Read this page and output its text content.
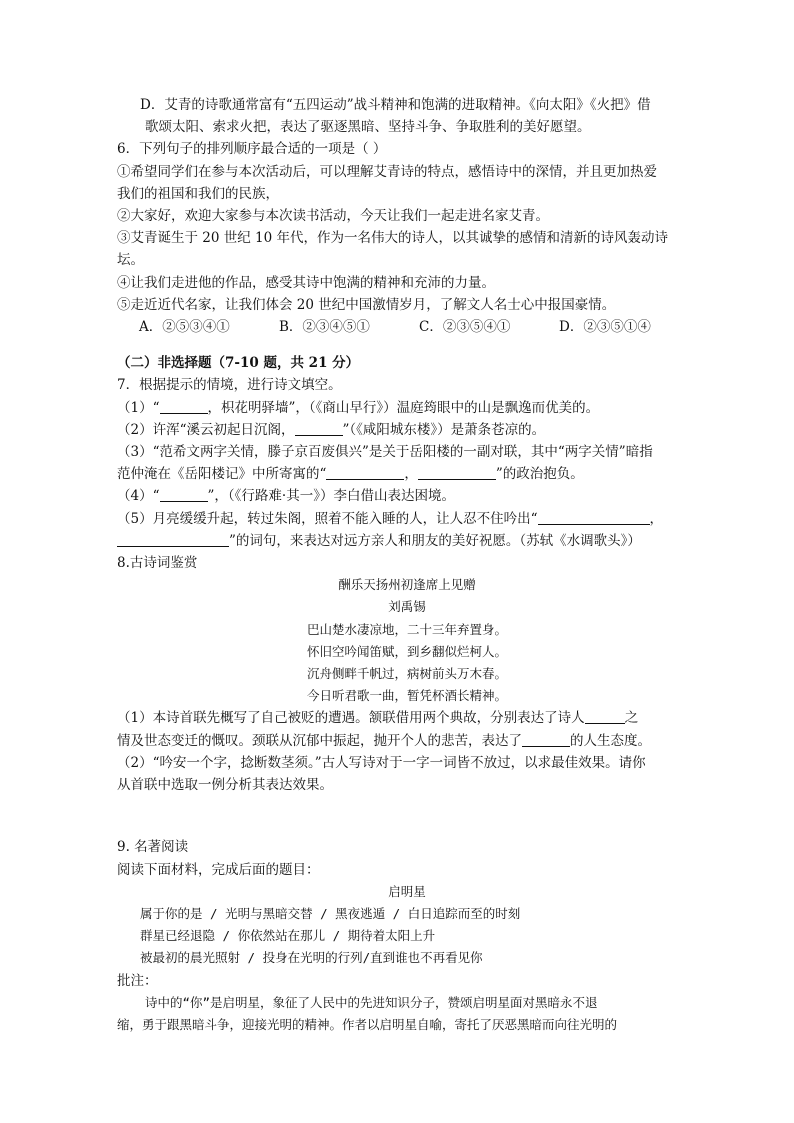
D．艾青的诗歌通常富有“五四运动”战斗精神和饱满的进取精神。《向太阳》《火把》借
歌颂太阳、索求火把，表达了驱逐黑暗、坚持斗争、争取胜利的美好愿望。
6．下列句子的排列顺序最合适的一项是（ ）
①希望同学们在参与本次活动后，可以理解艾青诗的特点，感悟诗中的深情，并且更加热爱
我们的祖国和我们的民族，
②大家好，欢迎大家参与本次读书活动，今天让我们一起走进名家艾青。
③艾青诞生于 20 世纪 10 年代，作为一名伟大的诗人，以其诚挚的感情和清新的诗风轰动诗
坛。
④让我们走进他的作品，感受其诗中饱满的精神和充沛的力量。
⑤走近近代名家，让我们体会 20 世纪中国激情岁月，了解文人名士心中报国豪情。
A．②⑤③④①	B．②③④⑤①	C．②③⑤④①	D．②③⑤①④
（二）非选择题（7-10 题，共 21 分）
7．根据提示的情境，进行诗文填空。
（1）“	，枳花明驿墙”，（《商山早行》）温庭筠眼中的山是飘逸而优美的。
（2）许浑“溪云初起日沉阁，	”（《咸阳城东楼》）是萧条苍凉的。
（3）“范希文两字关情，滕子京百废俱兴”是关于岳阳楼的一副对联，其中“两字关情”暗指
范仲淹在《岳阳楼记》中所寄寓的“	，	”的政治抱负。
（4）“	”，（《行路难·其一》）李白借山表达困境。
（5）月亮缓缓升起，转过朱阁，照着不能入睡的人，让人忍不住吟出“	，
”的词句，来表达对远方亲人和朋友的美好祝愿。（苏轼《水调歌头》）
8.古诗词鉴赏
酬乐天扬州初逢席上见赠
刘禹锡
巴山楚水凄凉地，二十三年弃置身。
怀旧空吟闻笛赋，到乡翻似烂柯人。
沉舟侧畔千帆过，病树前头万木春。
今日听君歌一曲，暂凭杯酒长精神。
（1）本诗首联先概写了自己被贬的遭遇。颔联借用两个典故，分别表达了诗人	之
情及世态变迁的慨叹。颈联从沉郁中振起，抛开个人的悲苦，表达了	的人生态度。
（2）“吟安一个字，捻断数茎须。”古人写诗对于一字一词皆不放过，以求最佳效果。请你
从首联中选取一例分析其表达效果。
9. 名著阅读
阅读下面材料，完成后面的题目：
启明星
属于你的是 / 光明与黑暗交替 / 黑夜逃遁 / 白日追踪而至的时刻
群星已经退隐 / 你依然站在那儿 / 期待着太阳上升
被最初的晨光照射 / 投身在光明的行列/直到谁也不再看见你
批注：
诗中的“你”是启明星，象征了人民中的先进知识分子，赞颂启明星面对黑暗永不退
缩，勇于跟黑暗斗争，迎接光明的精神。作者以启明星自喻，寄托了厌恶黑暗而向往光明的
